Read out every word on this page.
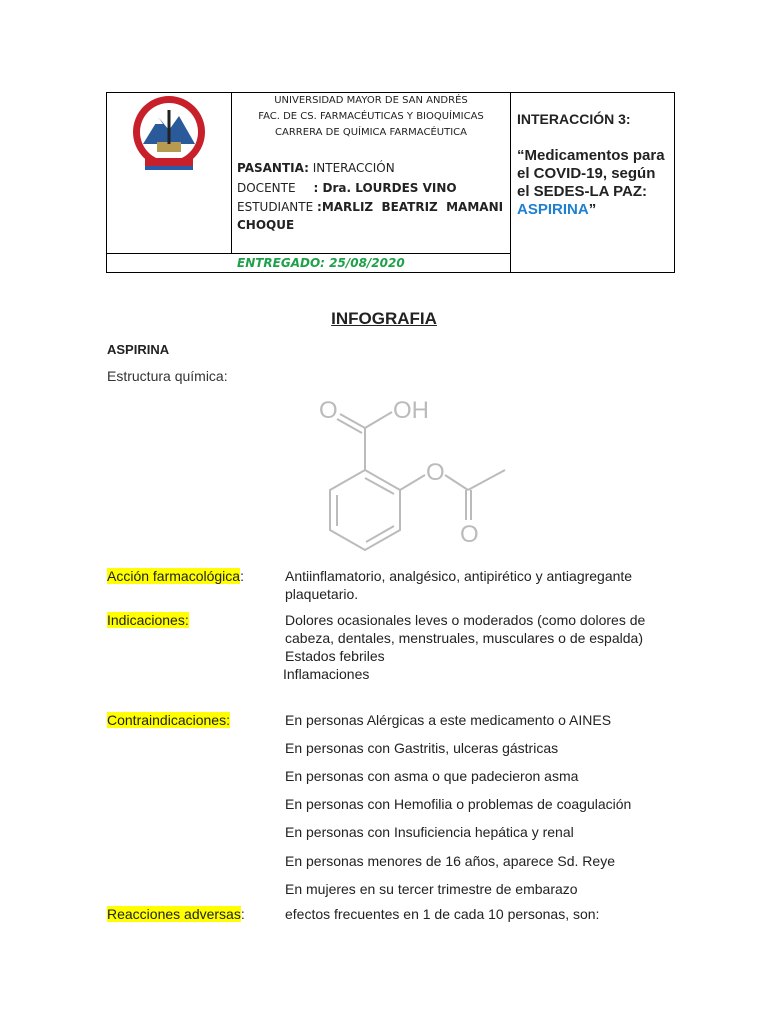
UNIVERSIDAD MAYOR DE SAN ANDRÉS
FAC. DE CS. FARMACÉUTICAS Y BIOQUÍMICAS
CARRERA DE QUÍMICA FARMACÉUTICA
PASANTIA: INTERACCIÓN
DOCENTE : Dra. LOURDES VINO
ESTUDIANTE :MARLIZ  BEATRIZ  MAMANI
CHOQUE
ENTREGADO: 25/08/2020
INTERACCIÓN 3:
“Medicamentos para el COVID-19, según el SEDES-LA PAZ: ASPIRINA”
INFOGRAFIA
ASPIRINA
Estructura química:
O OH
O
O
Acción farmacológica:	Antiinflamatorio, analgésico, antipirético y antiagregante plaquetario.
Indicaciones:	Dolores ocasionales leves o moderados (como dolores de cabeza, dentales, menstruales, musculares o de espalda)
Estados febriles
Inflamaciones
Contraindicaciones:	En personas Alérgicas a este medicamento o AINES
En personas con Gastritis, ulceras gástricas
En personas con asma o que padecieron asma
En personas con Hemofilia o problemas de coagulación
En personas con Insuficiencia hepática y renal
En personas menores de 16 años, aparece Sd. Reye
En mujeres en su tercer trimestre de embarazo
Reacciones adversas:	efectos frecuentes en 1 de cada 10 personas, son:
